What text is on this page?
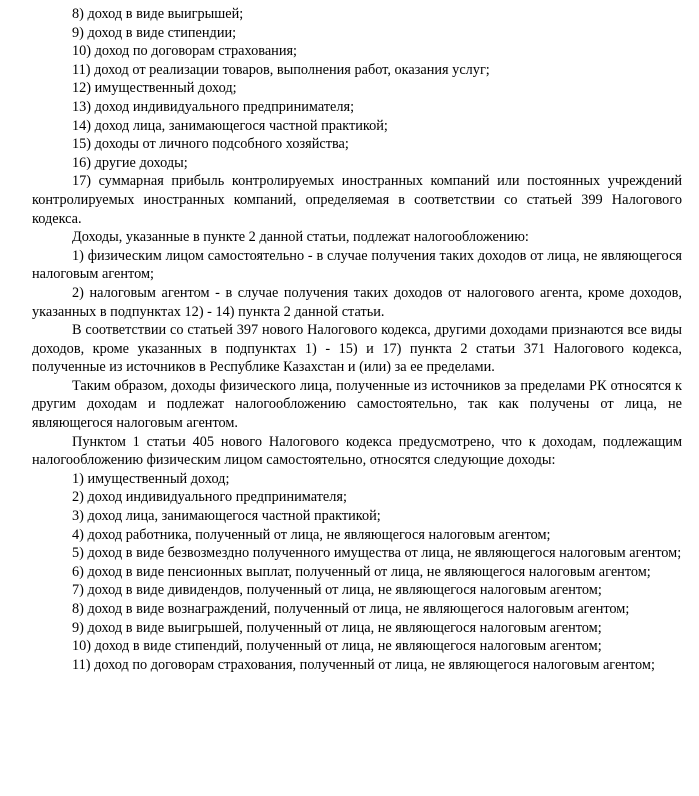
8) доход в виде выигрышей;

9) доход в виде стипендии;

10) доход по договорам страхования;

11) доход от реализации товаров, выполнения работ, оказания услуг;

12) имущественный доход;

13) доход индивидуального предпринимателя;

14) доход лица, занимающегося частной практикой;

15) доходы от личного подсобного хозяйства;

16) другие доходы;

17) суммарная прибыль контролируемых иностранных компаний или постоянных учреждений контролируемых иностранных компаний, определяемая в соответствии со статьей 399 Налогового кодекса.

Доходы, указанные в пункте 2 данной статьи, подлежат налогообложению:

1) физическим лицом самостоятельно - в случае получения таких доходов от лица, не являющегося налоговым агентом;

2) налоговым агентом - в случае получения таких доходов от налогового агента, кроме доходов, указанных в подпунктах 12) - 14) пункта 2 данной статьи.

В соответствии со статьей 397 нового Налогового кодекса, другими доходами признаются все виды доходов, кроме указанных в подпунктах 1) - 15) и 17) пункта 2 статьи 371 Налогового кодекса, полученные из источников в Республике Казахстан и (или) за ее пределами.

Таким образом, доходы физического лица, полученные из источников за пределами РК относятся к другим доходам и подлежат налогообложению самостоятельно, так как получены от лица, не являющегося налоговым агентом.

Пунктом 1 статьи 405 нового Налогового кодекса предусмотрено, что к доходам, подлежащим налогообложению физическим лицом самостоятельно, относятся следующие доходы:

1) имущественный доход;

2) доход индивидуального предпринимателя;

3) доход лица, занимающегося частной практикой;

4) доход работника, полученный от лица, не являющегося налоговым агентом;

5) доход в виде безвозмездно полученного имущества от лица, не являющегося налоговым агентом;

6) доход в виде пенсионных выплат, полученный от лица, не являющегося налоговым агентом;

7) доход в виде дивидендов, полученный от лица, не являющегося налоговым агентом;

8) доход в виде вознаграждений, полученный от лица, не являющегося налоговым агентом;

9) доход в виде выигрышей, полученный от лица, не являющегося налоговым агентом;

10) доход в виде стипендий, полученный от лица, не являющегося налоговым агентом;

11) доход по договорам страхования, полученный от лица, не являющегося налоговым агентом;
